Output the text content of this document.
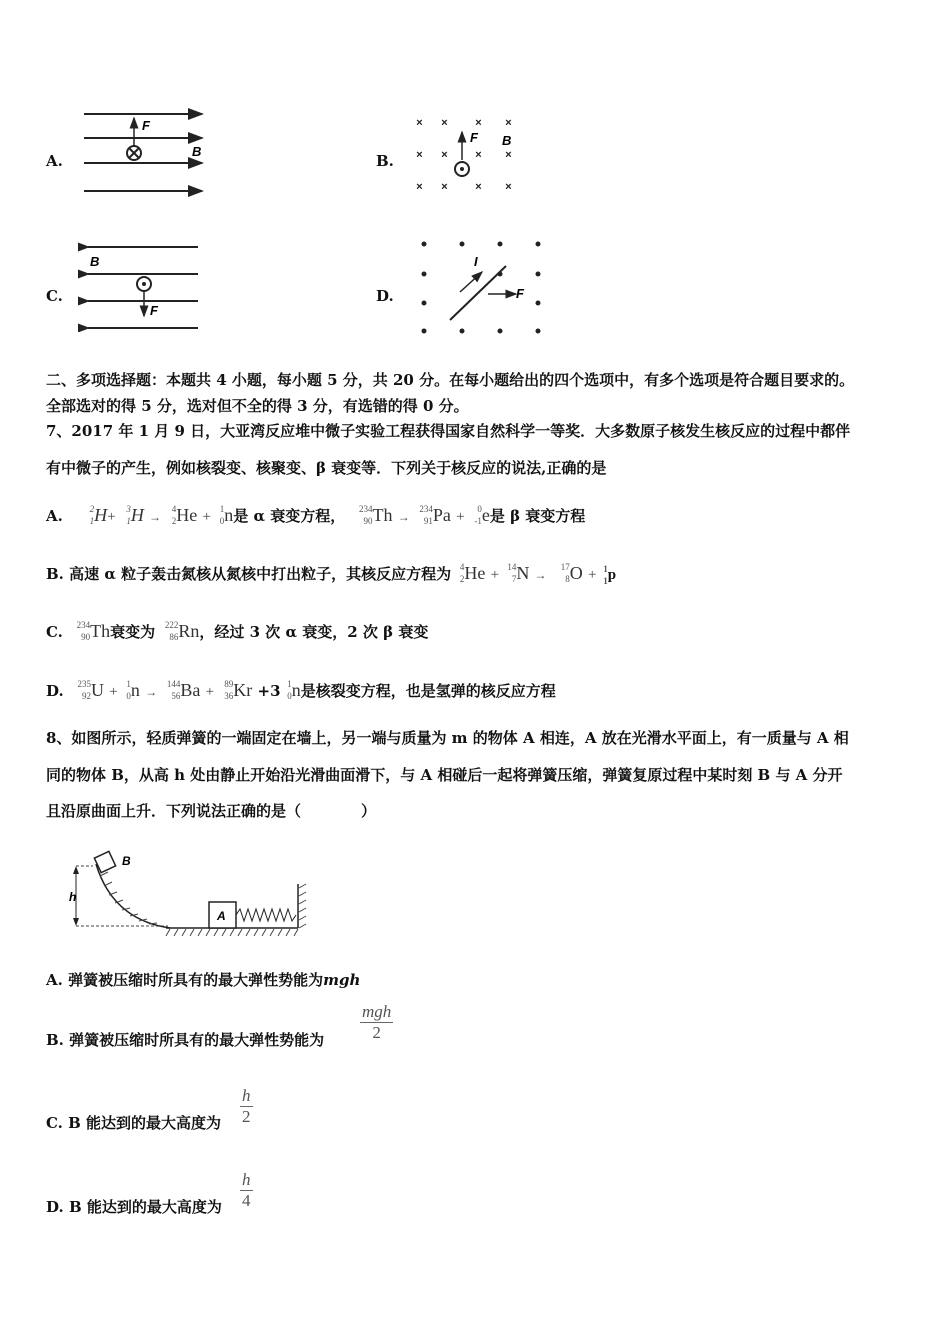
A.
F
B
B.
× ×	× ×
× ×	× ×
× ×	× ×
F B
C.
B
F
D.
I
F
二、多项选择题：本题共 4 小题，每小题 5 分，共 20 分。在每小题给出的四个选项中，有多个选项是符合题目要求的。
全部选对的得 5 分，选对但不全的得 3 分，有选错的得 0 分。
7、2017 年 1 月 9 日，大亚湾反应堆中微子实验工程获得国家自然科学一等奖．大多数原子核发生核反应的过程中都伴
有中微子的产生，例如核裂变、核聚变、β 衰变等．下列关于核反应的说法,正确的是
A.	2
1 H+	3
1 H →
4
2 He + 1
0 n是 α 衰变方程， 234
90 Th →
234
91 Pa +	0
-1 e是 β 衰变方程
B. 高速 α 粒子轰击氮核从氮核中打出粒子，其核反应方程为 4
2 He + 14
7 N →
17
8 O + 1
1 p
C. 234
90 Th衰变为 222
86 Rn，经过 3 次 α 衰变，2 次 β 衰变
D. 235
92 U + 1
0 n →
144
56 Ba +	89
36 Kr +3 1
0 n是核裂变方程，也是氢弹的核反应方程
8、如图所示，轻质弹簧的一端固定在墙上，另一端与质量为 m 的物体 A 相连，A 放在光滑水平面上，有一质量与 A 相
同的物体 B，从高 h 处由静止开始沿光滑曲面滑下，与 A 相碰后一起将弹簧压缩，弹簧复原过程中某时刻 B 与 A 分开
且沿原曲面上升．下列说法正确的是（　　　　）
h
B
A
A. 弹簧被压缩时所具有的最大弹性势能为mgh
B. 弹簧被压缩时所具有的最大弹性势能为
mgh
2
C. B 能达到的最大高度为 $\frac{h}{2}$
D. B 能达到的最大高度为 $\frac{h}{4}$
